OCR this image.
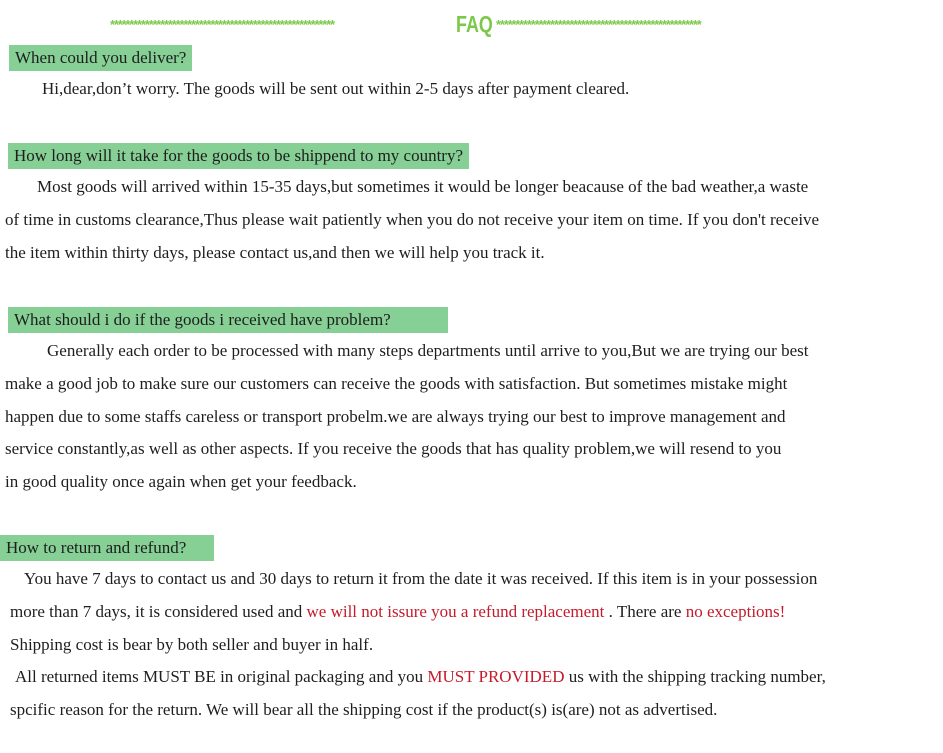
**********************************************************	FAQ *****************************************************
When could you deliver?
Hi,dear,don’t worry. The goods will be sent out within 2-5 days after payment cleared.
How long will it take for the goods to be shippend to my country?
Most goods will arrived within 15-35 days,but sometimes it would be longer beacause of the bad weather,a waste
of time in customs clearance,Thus please wait patiently when you do not receive your item on time. If you don't receive
the item within thirty days, please contact us,and then we will help you track it.
What should i do if the goods i received have problem?
Generally each order to be processed with many steps departments until arrive to you,But we are trying our best
make a good job to make sure our customers can receive the goods with satisfaction. But sometimes mistake might
happen due to some staffs careless or transport probelm.we are always trying our best to improve management and
service constantly,as well as other aspects. If you receive the goods that has quality problem,we will resend to you
in good quality once again when get your feedback.
How to return and refund?
You have 7 days to contact us and 30 days to return it from the date it was received. If this item is in your possession
more than 7 days, it is considered used and we will not issure you a refund replacement . There are no exceptions!
Shipping cost is bear by both seller and buyer in half.
All returned items MUST BE in original packaging and you MUST PROVIDED us with the shipping tracking number,
spcific reason for the return. We will bear all the shipping cost if the product(s) is(are) not as advertised.
